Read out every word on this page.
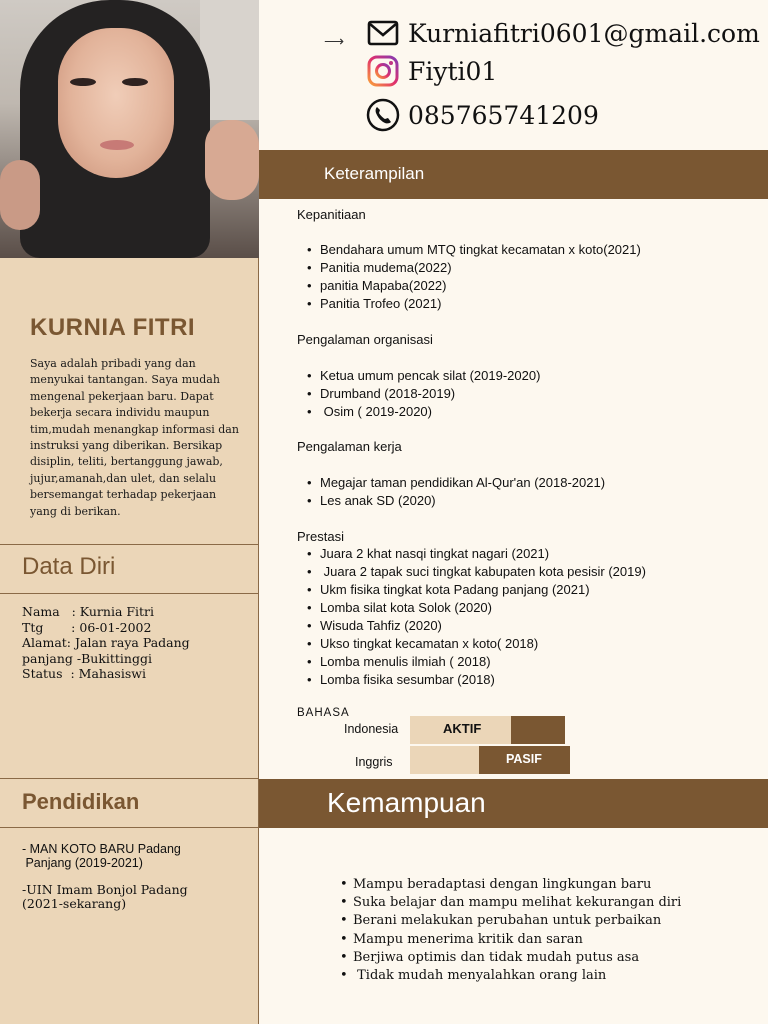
KURNIA FITRI
Saya adalah pribadi yang dan menyukai tantangan. Saya mudah mengenal pekerjaan baru. Dapat bekerja secara individu maupun tim,mudah menangkap informasi dan instruksi yang diberikan. Bersikap disiplin, teliti, bertanggung jawab, jujur,amanah,dan ulet, dan selalu bersemangat terhadap pekerjaan yang di berikan.
Data Diri
Nama   : Kurnia Fitri
Ttg       : 06-01-2002
Alamat: Jalan raya Padang
panjang -Bukittinggi
Status  : Mahasiswi
Pendidikan
- MAN KOTO BARU Padang
Panjang (2019-2021)
-UIN Imam Bonjol Padang
(2021-sekarang)
⟶	Kurniafitri0601@gmail.com
Fiyti01
085765741209
Keterampilan
Kepanitiaan
• Bendahara umum MTQ tingkat kecamatan x koto(2021)
• Panitia mudema(2022)
• panitia Mapaba(2022)
• Panitia Trofeo (2021)
Pengalaman organisasi
• Ketua umum pencak silat (2019-2020)
• Drumband (2018-2019)
•  Osim ( 2019-2020)
Pengalaman kerja
• Megajar taman pendidikan Al-Qur'an (2018-2021)
• Les anak SD (2020)
Prestasi
• Juara 2 khat nasqi tingkat nagari (2021)
•  Juara 2 tapak suci tingkat kabupaten kota pesisir (2019)
• Ukm fisika tingkat kota Padang panjang (2021)
• Lomba silat kota Solok (2020)
• Wisuda Tahfiz (2020)
• Ukso tingkat kecamatan x koto( 2018)
• Lomba menulis ilmiah ( 2018)
• Lomba fisika sesumbar (2018)
BAHASA
Indonesia	AKTIF
Inggris	PASIF
Kemampuan
• Mampu beradaptasi dengan lingkungan baru
• Suka belajar dan mampu melihat kekurangan diri
• Berani melakukan perubahan untuk perbaikan
• Mampu menerima kritik dan saran
• Berjiwa optimis dan tidak mudah putus asa
•  Tidak mudah menyalahkan orang lain
